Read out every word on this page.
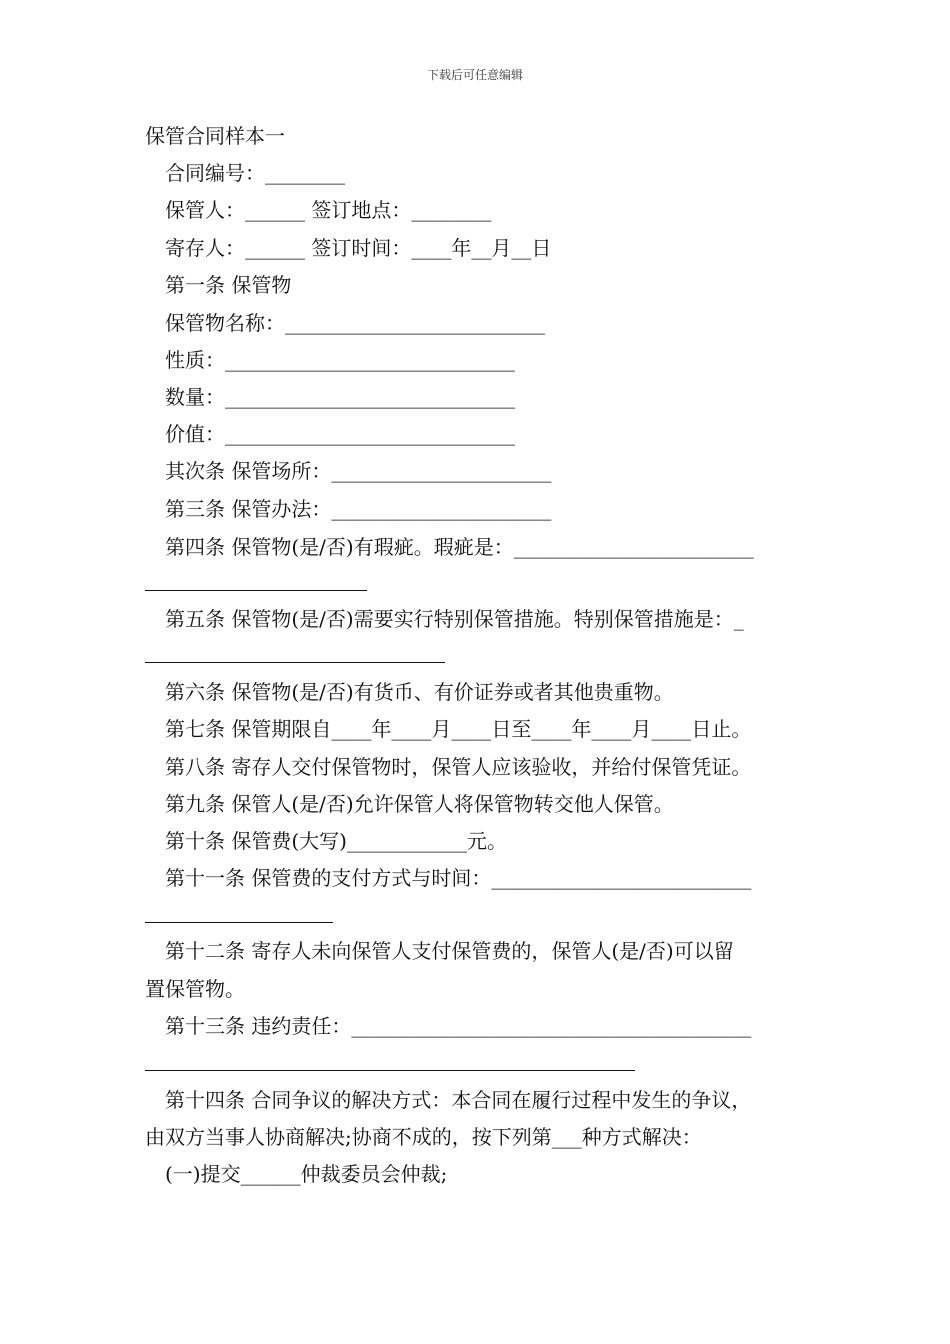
下载后可任意编辑
保管合同样本一
合同编号：________
保管人：______ 签订地点：________
寄存人：______ 签订时间：____年__月__日
第一条 保管物
保管物名称：__________________________
性质：_____________________________
数量：_____________________________
价值：_____________________________
其次条 保管场所：______________________
第三条 保管办法：______________________
第四条 保管物(是/否)有瑕疵。瑕疵是：________________________
第五条 保管物(是/否)需要实行特别保管措施。特别保管措施是：_
第六条 保管物(是/否)有货币、有价证券或者其他贵重物。
第七条 保管期限自____年____月____日至____年____月____日止。
第八条 寄存人交付保管物时，保管人应该验收，并给付保管凭证。
第九条 保管人(是/否)允许保管人将保管物转交他人保管。
第十条 保管费(大写)____________元。
第十一条 保管费的支付方式与时间：__________________________
第十二条 寄存人未向保管人支付保管费的，保管人(是/否)可以留
置保管物。
第十三条 违约责任：________________________________________
第十四条 合同争议的解决方式：本合同在履行过程中发生的争议，
由双方当事人协商解决;协商不成的，按下列第___种方式解决：
(一)提交______仲裁委员会仲裁;
